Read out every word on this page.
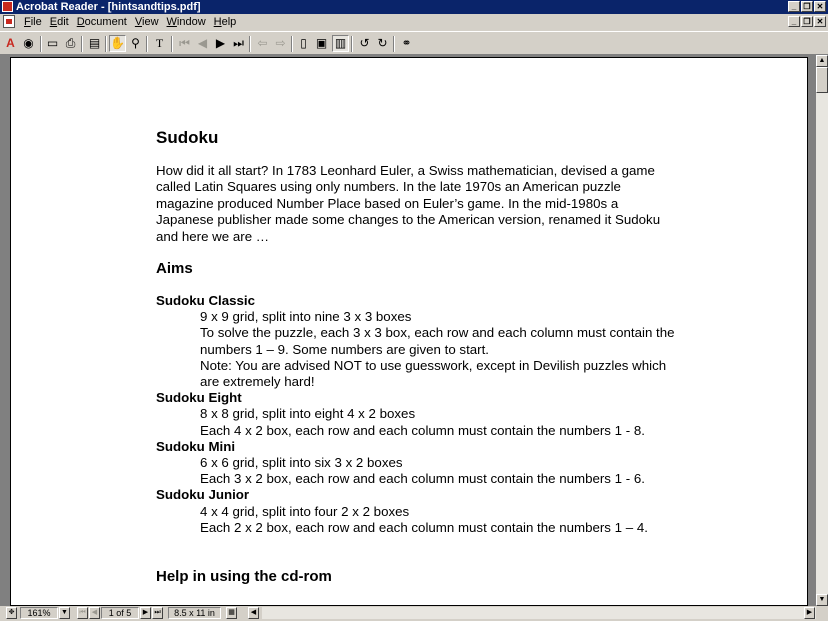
Acrobat Reader - [hintsandtips.pdf]	_ ❐ ✕
File Edit Document View Window Help	_ ❐ ✕
A ◉ ▭ ⎙	▤ ✋ ⚲	T	⏮ ◀ ▶ ⏭ ⇦ ⇨	▯ ▣ ▥ ↺ ↻ ⚭
Sudoku

How did it all start? In 1783 Leonhard Euler, a Swiss mathematician, devised a game called Latin Squares using only numbers. In the late 1970s an American puzzle magazine produced Number Place based on Euler’s game. In the mid-1980s a Japanese publisher made some changes to the American version, renamed it Sudoku and here we are …

Aims
Sudoku Classic
9 x 9 grid, split into nine 3 x 3 boxes
To solve the puzzle, each 3 x 3 box, each row and each column must contain the numbers 1 – 9. Some numbers are given to start.
Note: You are advised NOT to use guesswork, except in Devilish puzzles which are extremely hard!
Sudoku Eight
8 x 8 grid, split into eight 4 x 2 boxes
Each 4 x 2 box, each row and each column must contain the numbers 1 - 8.
Sudoku Mini
6 x 6 grid, split into six 3 x 2 boxes
Each 3 x 2 box, each row and each column must contain the numbers 1 - 6.
Sudoku Junior
4 x 4 grid, split into four 2 x 2 boxes
Each 2 x 2 box, each row and each column must contain the numbers 1 – 4.
Help in using the cd-rom
▲
▼
✥	161%	▼	⏮ ◀	1 of 5	▶ ⏭	8.5 x 11 in	▦	◀	▶
